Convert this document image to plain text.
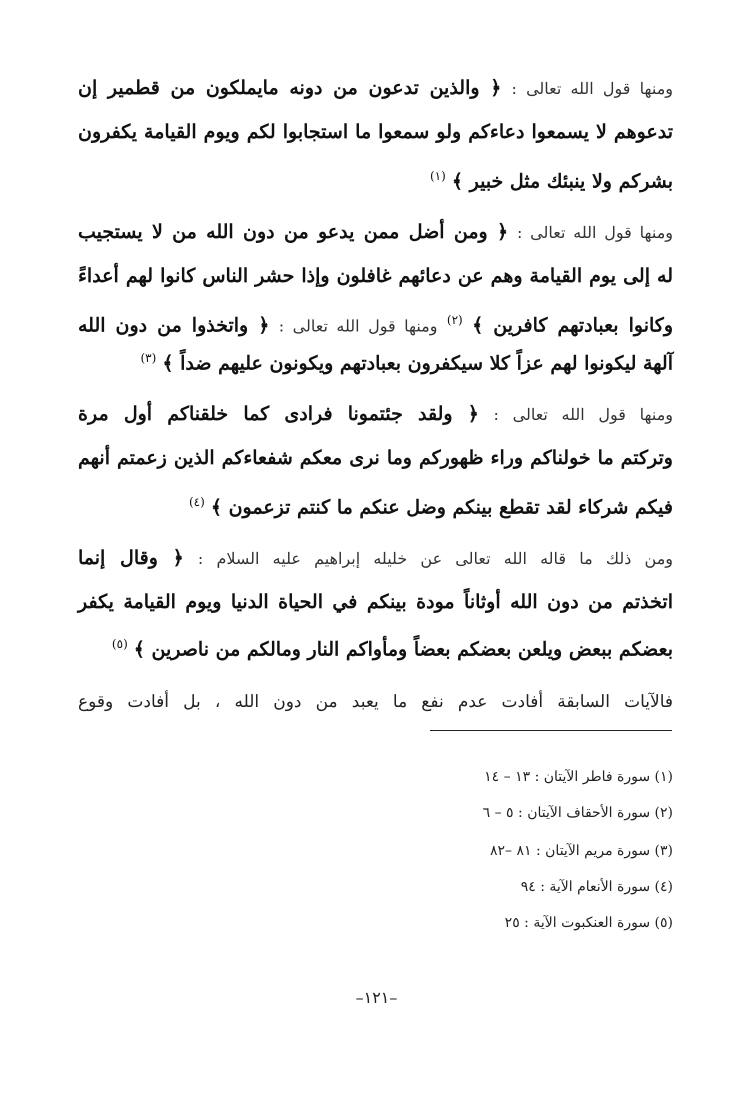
ومنها قول الله تعالى : ﴿ والذين تدعون من دونه مايملكون من قطمير إن
تدعوهم لا يسمعوا دعاءكم ولو سمعوا ما استجابوا لكم ويوم القيامة يكفرون
بشركم ولا ينبئك مثل خبير ﴾ $^{(١)}$
ومنها قول الله تعالى : ﴿ ومن أضل ممن يدعو من دون الله من لا يستجيب
له إلى يوم القيامة وهم عن دعائهم غافلون وإذا حشر الناس كانوا لهم أعداءً
وكانوا بعبادتهم كافرين ﴾ $^{(٢)}$ ومنها قول الله تعالى : ﴿ واتخذوا من دون الله
آلهة ليكونوا لهم عزاً كلا سيكفرون بعبادتهم ويكونون عليهم ضداً ﴾ $^{(٣)}$
ومنها قول الله تعالى : ﴿ ولقد جئتمونا فرادى كما خلقناكم أول مرة
وتركتم ما خولناكم وراء ظهوركم وما نرى معكم شفعاءكم الذين زعمتم أنهم
فيكم شركاء لقد تقطع بينكم وضل عنكم ما كنتم تزعمون ﴾ $^{(٤)}$
ومن ذلك ما قاله الله تعالى عن خليله إبراهيم عليه السلام : ﴿ وقال إنما
اتخذتم من دون الله أوثاناً مودة بينكم في الحياة الدنيا ويوم القيامة يكفر
بعضكم ببعض ويلعن بعضكم بعضاً ومأواكم النار ومالكم من ناصرين ﴾ $^{(٥)}$
فالآيات السابقة أفادت عدم نفع ما يعبد من دون الله ، بل أفادت وقوع
(١) سورة فاطر الآيتان : ١٣ – ١٤
(٢) سورة الأحقاف الآيتان : ٥ – ٦
(٣) سورة مريم الآيتان : ٨١ –٨٢
(٤) سورة الأنعام الآية : ٩٤
(٥) سورة العنكبوت الآية : ٢٥
–١٢١–
